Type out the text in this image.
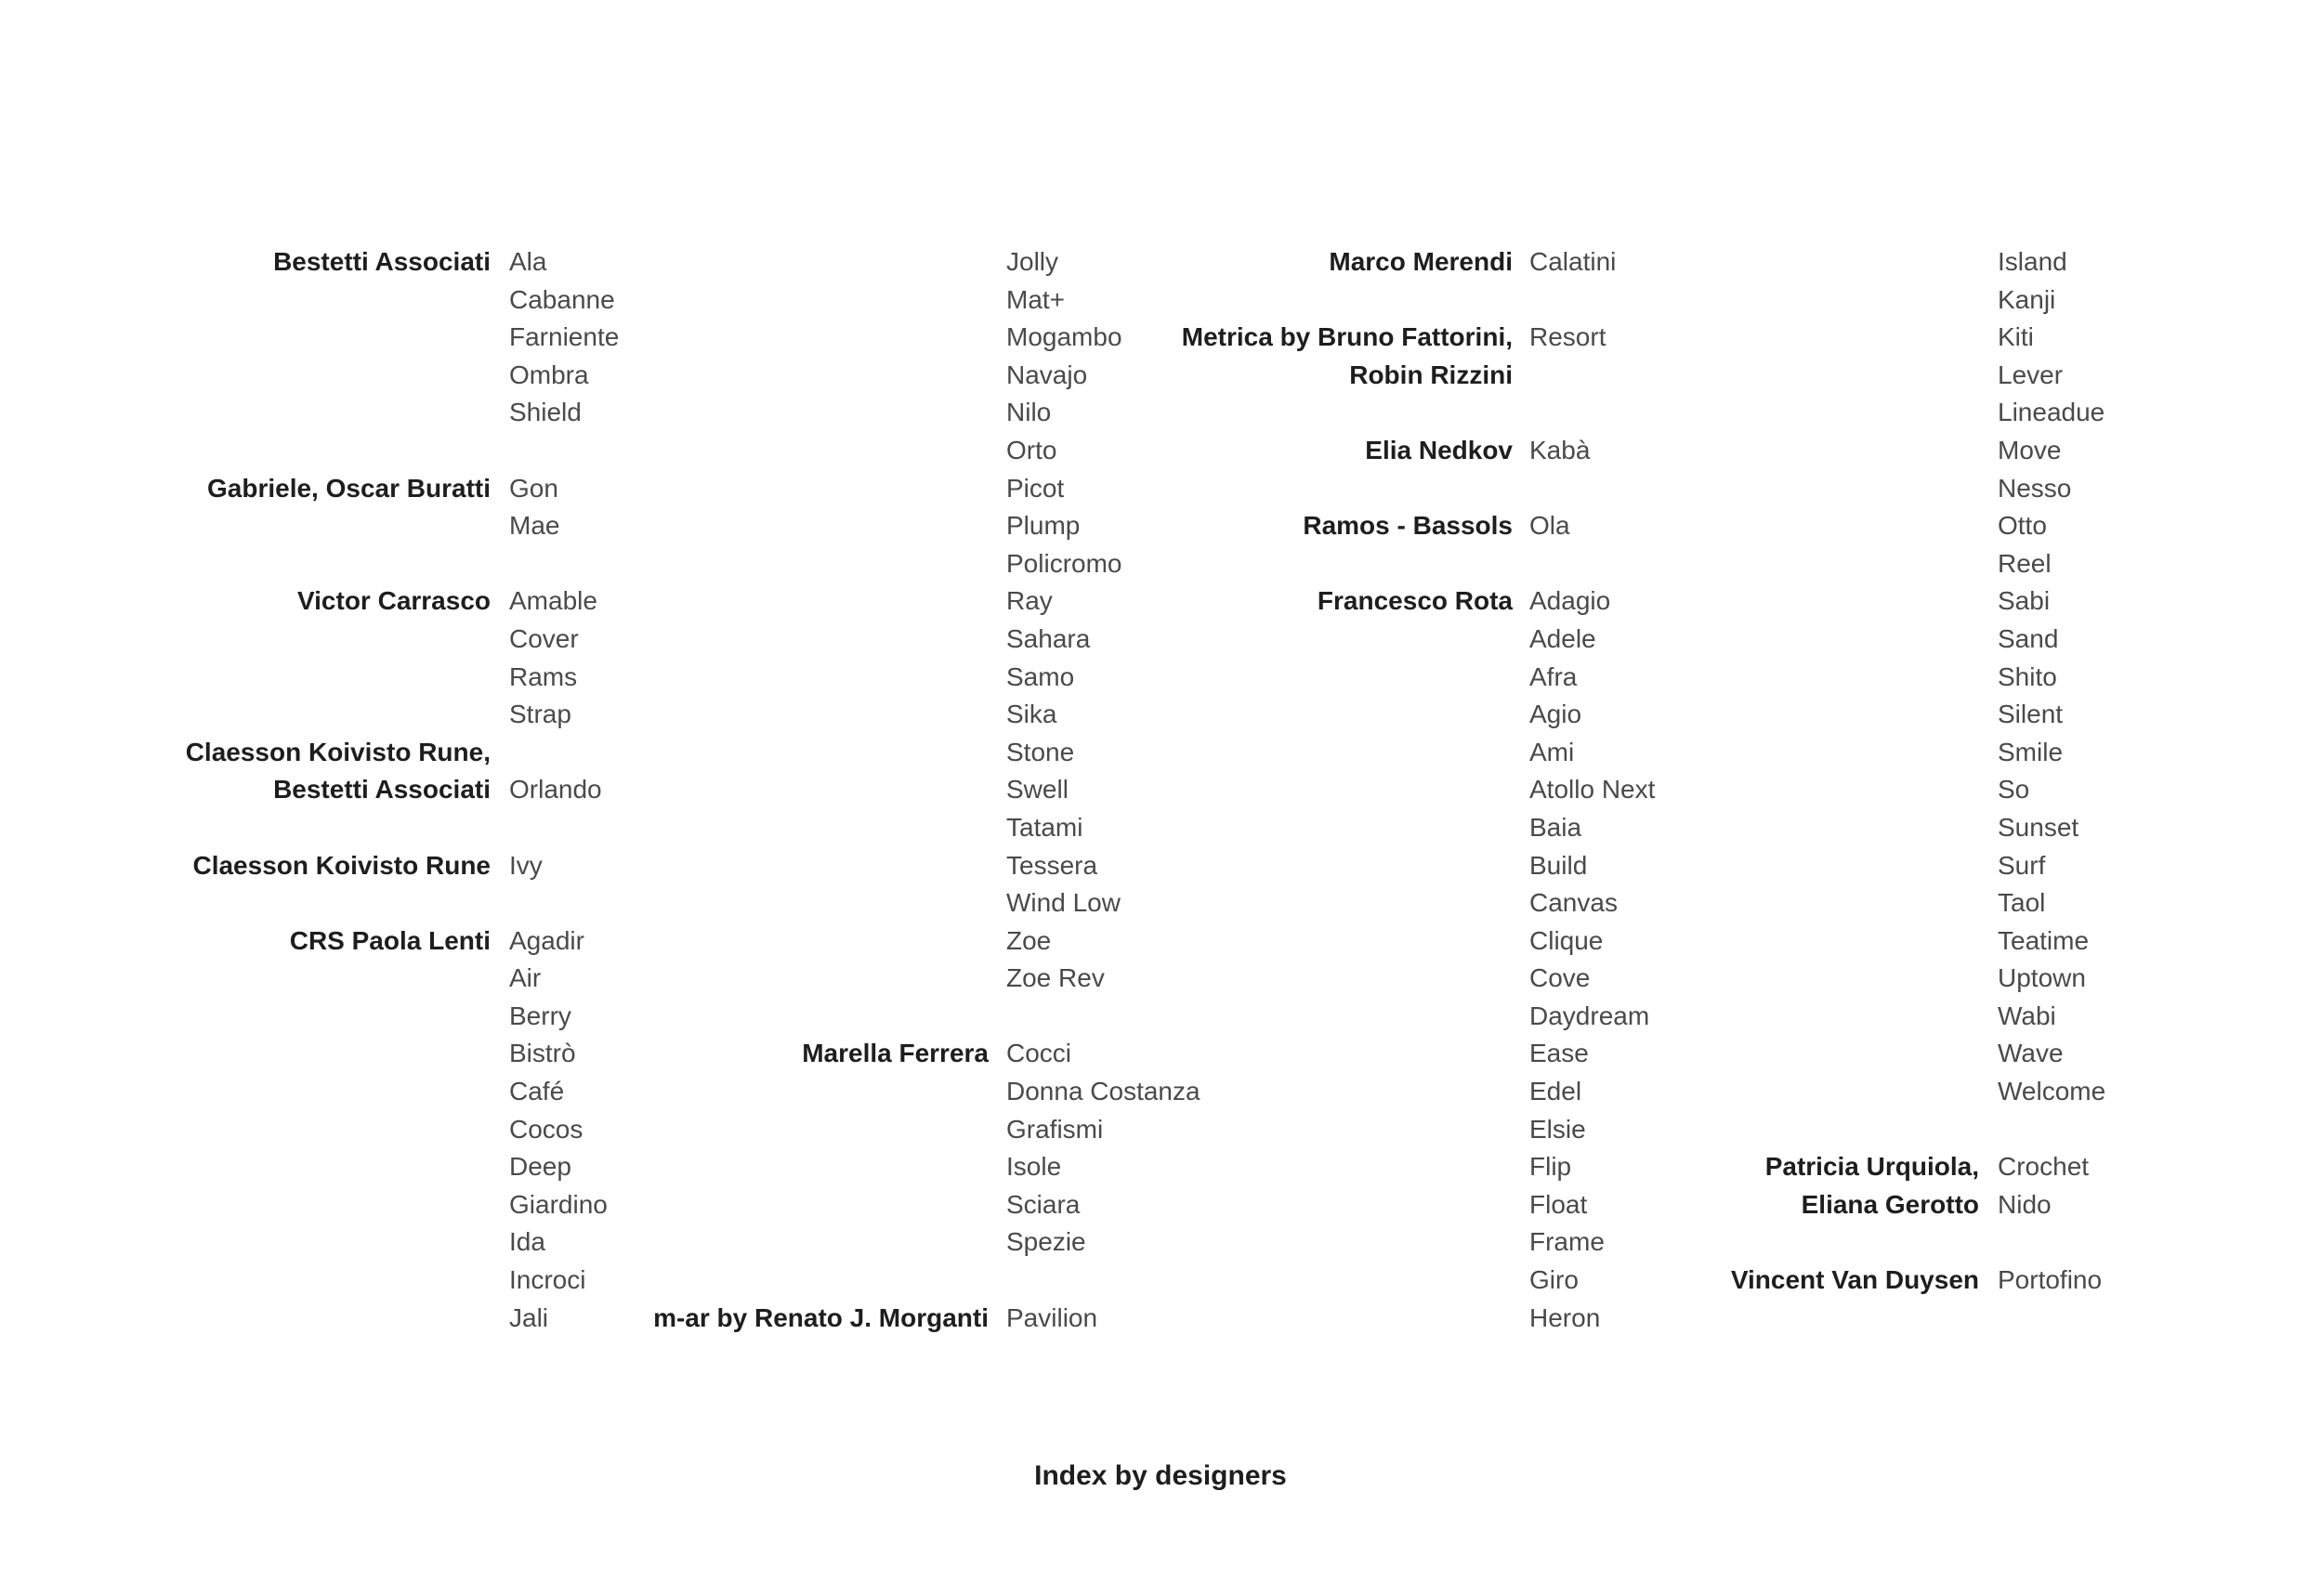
Bestetti Associati
Gabriele, Oscar Buratti
Victor Carrasco
Claesson Koivisto Rune,
Bestetti Associati
Claesson Koivisto Rune
CRS Paola Lenti
Ala
Cabanne
Farniente
Ombra
Shield
Gon
Mae
Amable
Cover
Rams
Strap
Orlando
Ivy
Agadir
Air
Berry
Bistrò
Café
Cocos
Deep
Giardino
Ida
Incroci
Jali
Marella Ferrera
m-ar by Renato J. Morganti
Jolly
Mat+
Mogambo
Navajo
Nilo
Orto
Picot
Plump
Policromo
Ray
Sahara
Samo
Sika
Stone
Swell
Tatami
Tessera
Wind Low
Zoe
Zoe Rev
Cocci
Donna Costanza
Grafismi
Isole
Sciara
Spezie
Pavilion
Marco Merendi
Metrica by Bruno Fattorini,
Robin Rizzini
Elia Nedkov
Ramos - Bassols
Francesco Rota
Calatini
Resort
Kabà
Ola
Adagio
Adele
Afra
Agio
Ami
Atollo Next
Baia
Build
Canvas
Clique
Cove
Daydream
Ease
Edel
Elsie
Flip
Float
Frame
Giro
Heron
Patricia Urquiola,
Eliana Gerotto
Vincent Van Duysen
Island
Kanji
Kiti
Lever
Lineadue
Move
Nesso
Otto
Reel
Sabi
Sand
Shito
Silent
Smile
So
Sunset
Surf
Taol
Teatime
Uptown
Wabi
Wave
Welcome
Crochet
Nido
Portofino
Index by designers
